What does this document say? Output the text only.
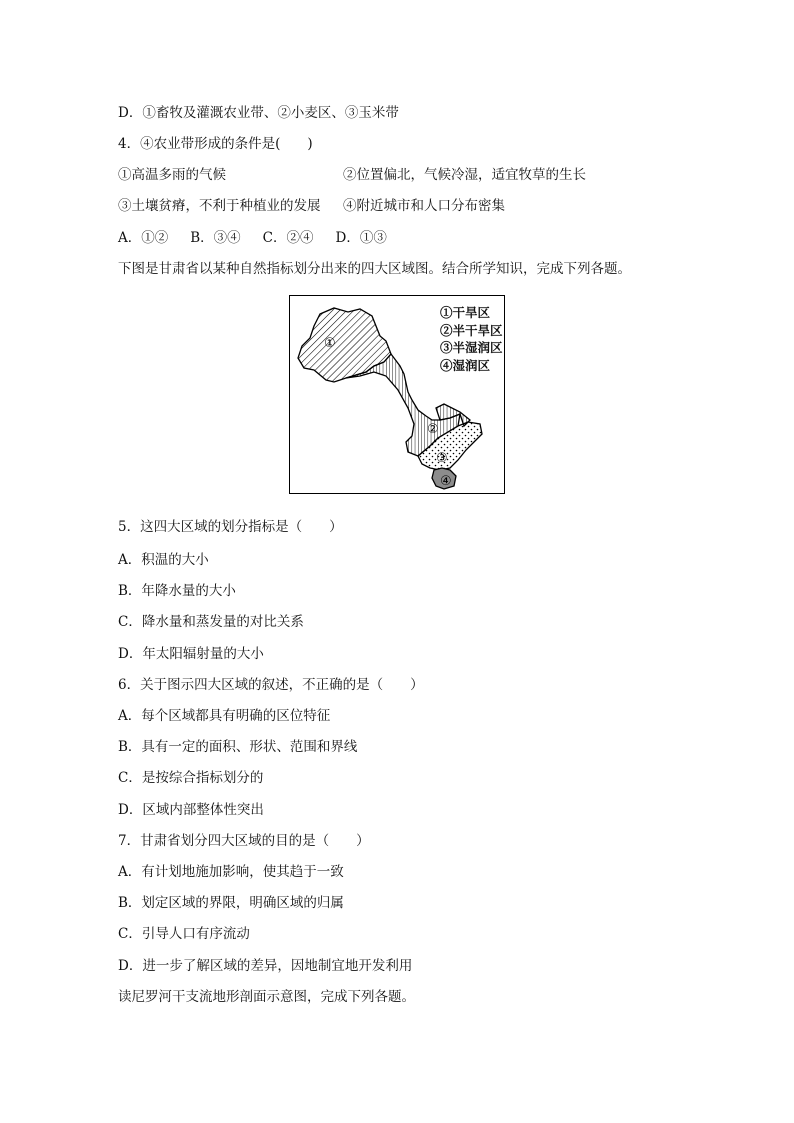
D．①畜牧及灌溉农业带、②小麦区、③玉米带
4．④农业带形成的条件是(　　)
①高温多雨的气候	②位置偏北，气候冷湿，适宜牧草的生长
③土壤贫瘠，不利于种植业的发展 ④附近城市和人口分布密集
A．①② B．③④ C．②④ D．①③
下图是甘肃省以某种自然指标划分出来的四大区域图。结合所学知识，完成下列各题。
①
②
③
④
①干旱区
②半干旱区
③半湿润区
④湿润区
5．这四大区域的划分指标是（　　）
A．积温的大小
B．年降水量的大小
C．降水量和蒸发量的对比关系
D．年太阳辐射量的大小
6．关于图示四大区域的叙述，不正确的是（　　）
A．每个区域都具有明确的区位特征
B．具有一定的面积、形状、范围和界线
C．是按综合指标划分的
D．区域内部整体性突出
7．甘肃省划分四大区域的目的是（　　）
A．有计划地施加影响，使其趋于一致
B．划定区域的界限，明确区域的归属
C．引导人口有序流动
D．进一步了解区域的差异，因地制宜地开发利用
读尼罗河干支流地形剖面示意图，完成下列各题。
